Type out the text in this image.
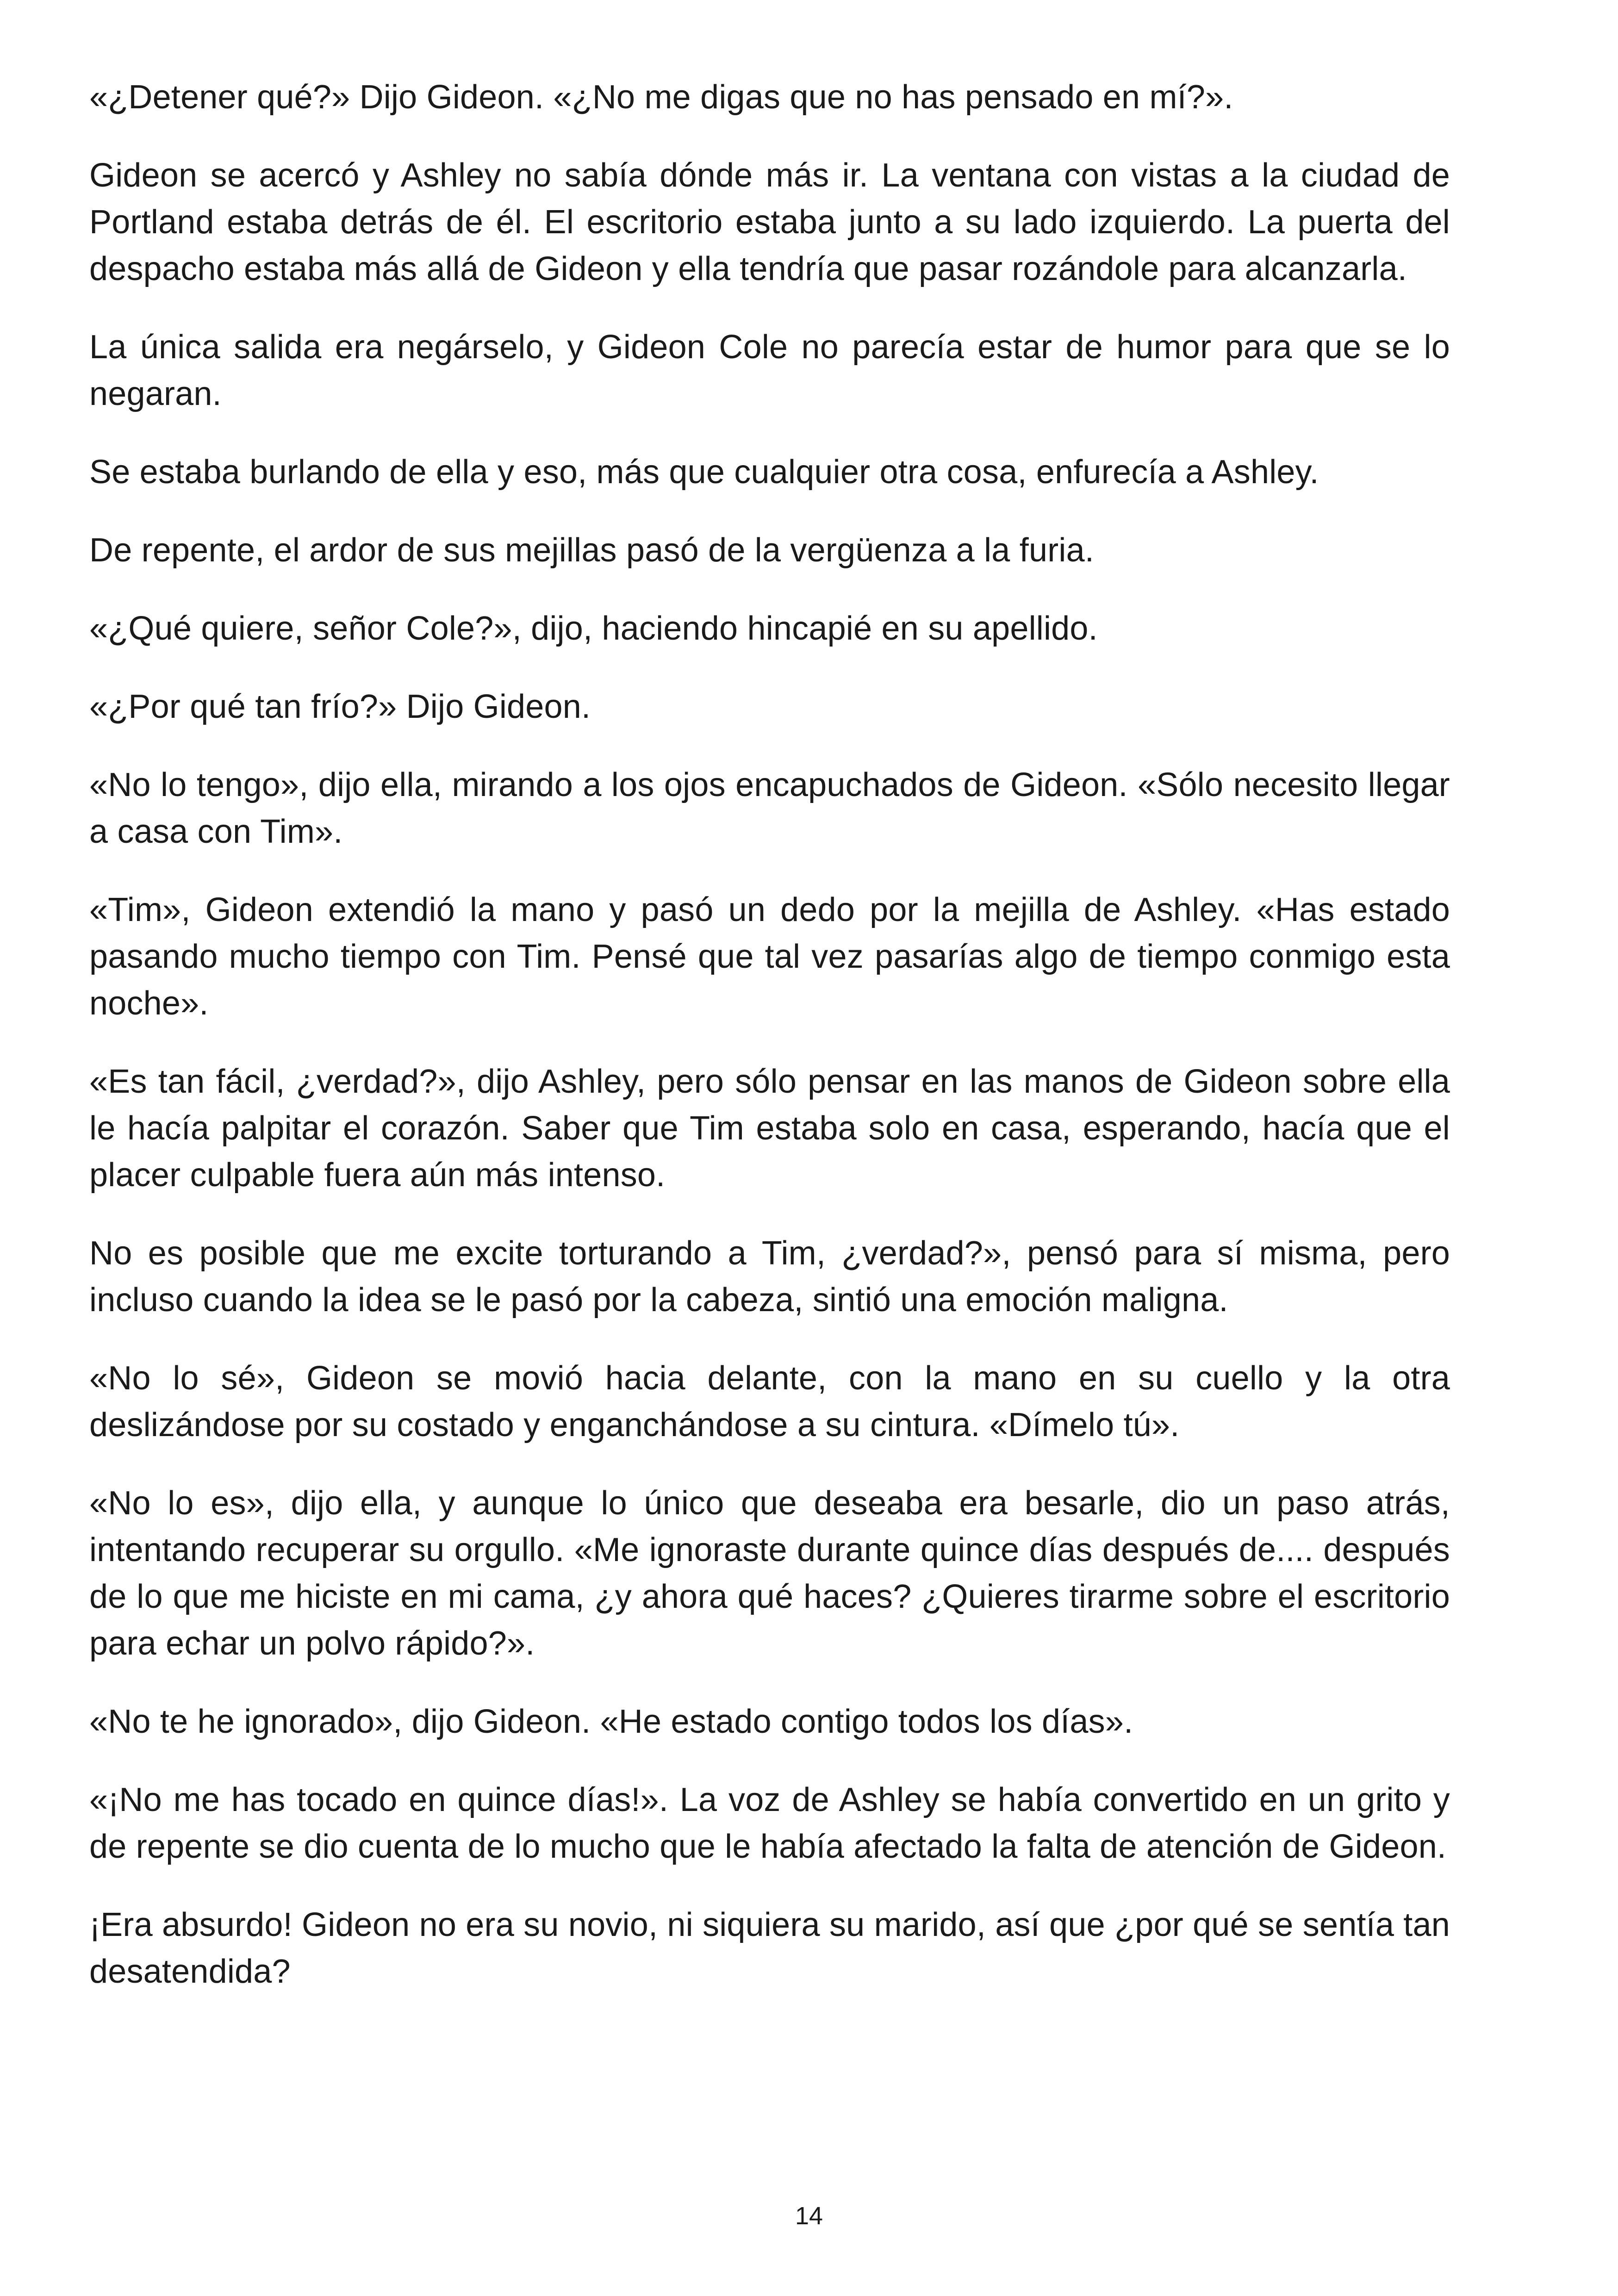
«¿Detener qué?» Dijo Gideon. «¿No me digas que no has pensado en mí?».

Gideon se acercó y Ashley no sabía dónde más ir. La ventana con vistas a la ciudad de Portland estaba detrás de él. El escritorio estaba junto a su lado izquierdo. La puerta del despacho estaba más allá de Gideon y ella tendría que pasar rozándole para alcanzarla.

La única salida era negárselo, y Gideon Cole no parecía estar de humor para que se lo negaran.

Se estaba burlando de ella y eso, más que cualquier otra cosa, enfurecía a Ashley.

De repente, el ardor de sus mejillas pasó de la vergüenza a la furia.

«¿Qué quiere, señor Cole?», dijo, haciendo hincapié en su apellido.

«¿Por qué tan frío?» Dijo Gideon.

«No lo tengo», dijo ella, mirando a los ojos encapuchados de Gideon. «Sólo necesito llegar a casa con Tim».

«Tim», Gideon extendió la mano y pasó un dedo por la mejilla de Ashley. «Has estado pasando mucho tiempo con Tim. Pensé que tal vez pasarías algo de tiempo conmigo esta noche».

«Es tan fácil, ¿verdad?», dijo Ashley, pero sólo pensar en las manos de Gideon sobre ella le hacía palpitar el corazón. Saber que Tim estaba solo en casa, esperando, hacía que el placer culpable fuera aún más intenso.

No es posible que me excite torturando a Tim, ¿verdad?», pensó para sí misma, pero incluso cuando la idea se le pasó por la cabeza, sintió una emoción maligna.

«No lo sé», Gideon se movió hacia delante, con la mano en su cuello y la otra deslizándose por su costado y enganchándose a su cintura. «Dímelo tú».

«No lo es», dijo ella, y aunque lo único que deseaba era besarle, dio un paso atrás, intentando recuperar su orgullo. «Me ignoraste durante quince días después de.... después de lo que me hiciste en mi cama, ¿y ahora qué haces? ¿Quieres tirarme sobre el escritorio para echar un polvo rápido?».

«No te he ignorado», dijo Gideon. «He estado contigo todos los días».

«¡No me has tocado en quince días!». La voz de Ashley se había convertido en un grito y de repente se dio cuenta de lo mucho que le había afectado la falta de atención de Gideon.

¡Era absurdo! Gideon no era su novio, ni siquiera su marido, así que ¿por qué se sentía tan desatendida?

14
